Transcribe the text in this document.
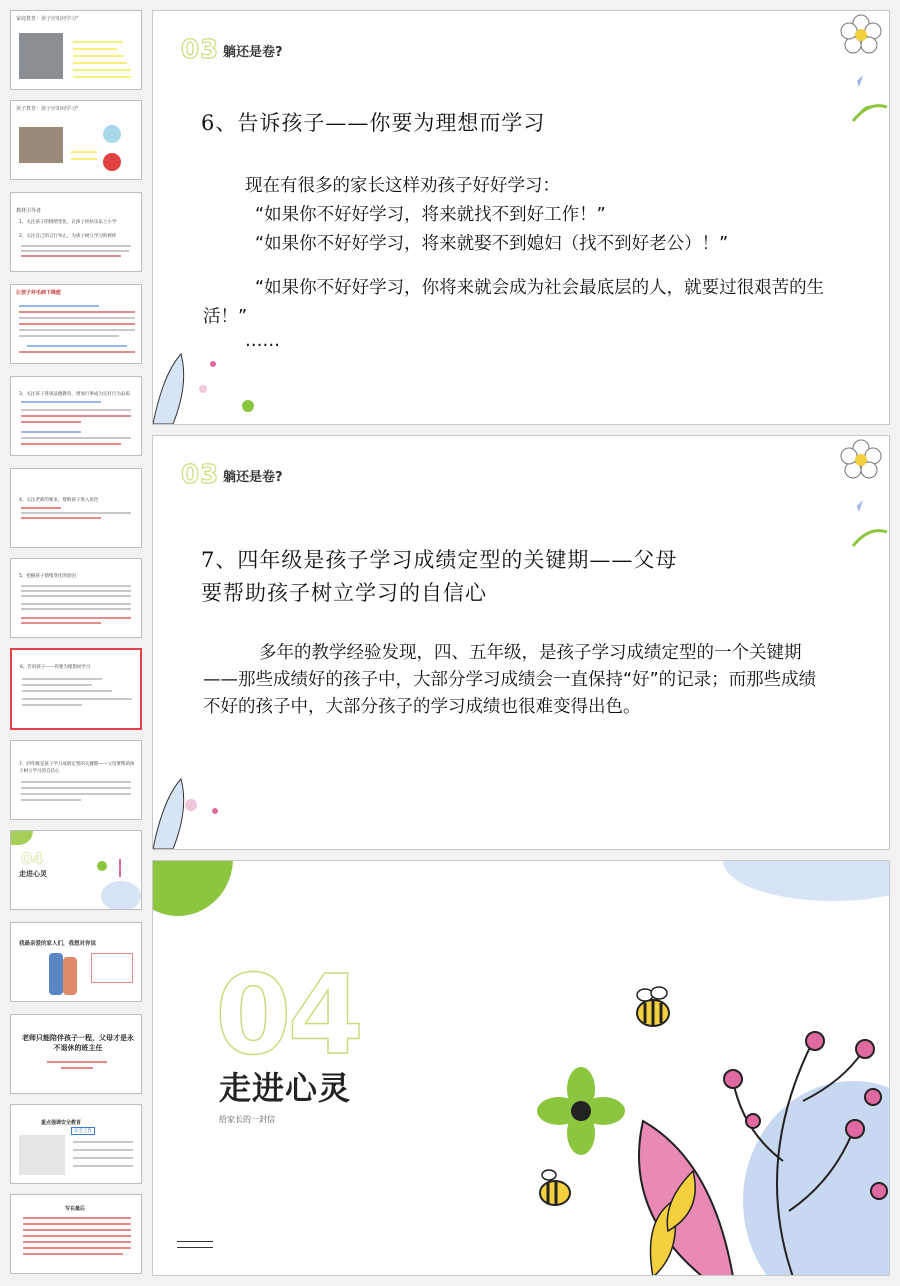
家庭教育：孩子应如何学习？
孩子教育：孩子应如何学习？
教材引导者
1、关注孩子的情绪变化，让孩子快快乐乐上小学
2、关注自己的言行举止，为孩子树立学习的榜样
让孩子坏毛病下降能
3、关注孩子各项品德教育，增加行事成为定好行为品质
4、关注老师的要求，帮助孩子进入角色
5、把握孩子情绪变化的原因
6、告诉孩子——你要为理想而学习
7、四年级是孩子学习成绩定型的关键期——父母要帮助孩子树立学习的自信心
04
走进心灵
我最亲爱的家人们，我想对你说
老师只能陪伴孩子一程，父母才是永不退休的班主任
重点强调安全教育
安全工作
写在最后
03 躺还是卷?
6、告诉孩子——你要为理想而学习
现在有很多的家长这样劝孩子好好学习：
“如果你不好好学习，将来就找不到好工作！”
“如果你不好好学习，将来就娶不到媳妇（找不到好老公）！”
“如果你不好好学习，你将来就会成为社会最底层的人，就要过很艰苦的生活！”
……
03 躺还是卷?
7、四年级是孩子学习成绩定型的关键期——父母
要帮助孩子树立学习的自信心
多年的教学经验发现，四、五年级，是孩子学习成绩定型的一个关键期——那些成绩好的孩子中，大部分学习成绩会一直保持“好”的记录；而那些成绩不好的孩子中，大部分孩子的学习成绩也很难变得出色。
04
走进心灵
给家长的一封信
